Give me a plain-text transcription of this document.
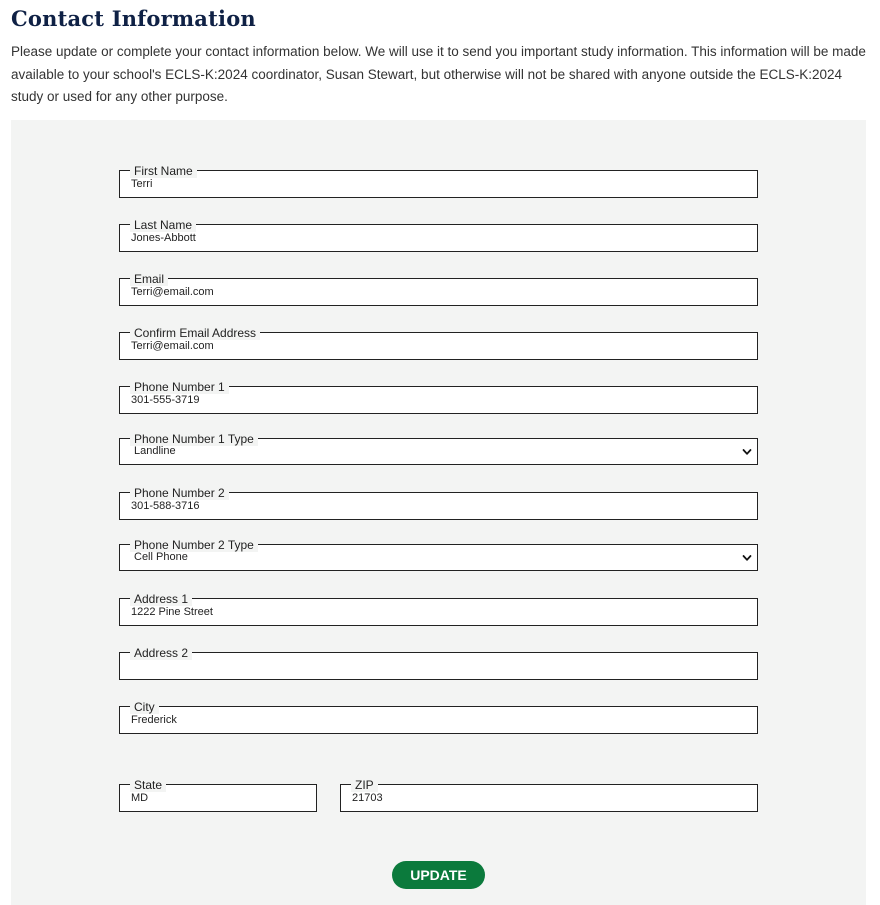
Contact Information

Please update or complete your contact information below. We will use it to send you important study information. This information will be made available to your school's ECLS-K:2024 coordinator, Susan Stewart, but otherwise will not be shared with anyone outside the ECLS-K:2024 study or used for any other purpose.

First Name
Terri
Last Name
Jones-Abbott
Email
Terri@email.com
Confirm Email Address
Terri@email.com
Phone Number 1
301-555-3719
Phone Number 1 Type
Landline
Phone Number 2
301-588-3716
Phone Number 2 Type
Cell Phone
Address 1
1222 Pine Street
Address 2
City
Frederick
State
MD
ZIP
21703
UPDATE
